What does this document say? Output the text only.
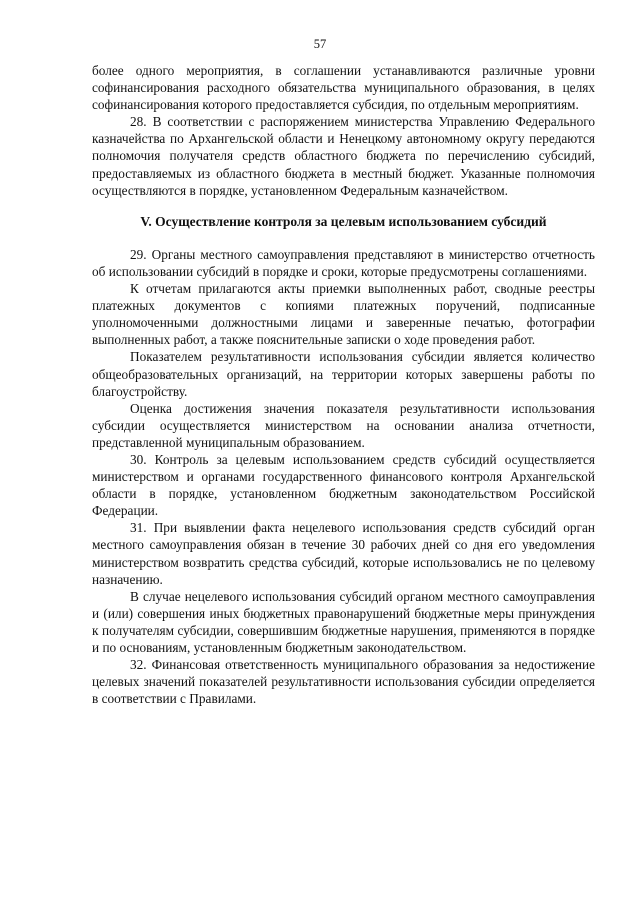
57

более одного мероприятия, в соглашении устанавливаются различные уровни софинансирования расходного обязательства муниципального образования, в целях софинансирования которого предоставляется субсидия, по отдельным мероприятиям.

28. В соответствии с распоряжением министерства Управлению Федерального казначейства по Архангельской области и Ненецкому автономному округу передаются полномочия получателя средств областного бюджета по перечислению субсидий, предоставляемых из областного бюджета в местный бюджет. Указанные полномочия осуществляются в порядке, установленном Федеральным казначейством.

V. Осуществление контроля за целевым использованием субсидий

29. Органы местного самоуправления представляют в министерство отчетность об использовании субсидий в порядке и сроки, которые предусмотрены соглашениями.

К отчетам прилагаются акты приемки выполненных работ, сводные реестры платежных документов с копиями платежных поручений, подписанные уполномоченными должностными лицами и заверенные печатью, фотографии выполненных работ, а также пояснительные записки о ходе проведения работ.

Показателем результативности использования субсидии является количество общеобразовательных организаций, на территории которых завершены работы по благоустройству.

Оценка достижения значения показателя результативности использования субсидии осуществляется министерством на основании анализа отчетности, представленной муниципальным образованием.

30. Контроль за целевым использованием средств субсидий осуществляется министерством и органами государственного финансового контроля Архангельской области в порядке, установленном бюджетным законодательством Российской Федерации.

31. При выявлении факта нецелевого использования средств субсидий орган местного самоуправления обязан в течение 30 рабочих дней со дня его уведомления министерством возвратить средства субсидий, которые использовались не по целевому назначению.

В случае нецелевого использования субсидий органом местного самоуправления и (или) совершения иных бюджетных правонарушений бюджетные меры принуждения к получателям субсидии, совершившим бюджетные нарушения, применяются в порядке и по основаниям, установленным бюджетным законодательством.

32. Финансовая ответственность муниципального образования за недостижение целевых значений показателей результативности использования субсидии определяется в соответствии с Правилами.
